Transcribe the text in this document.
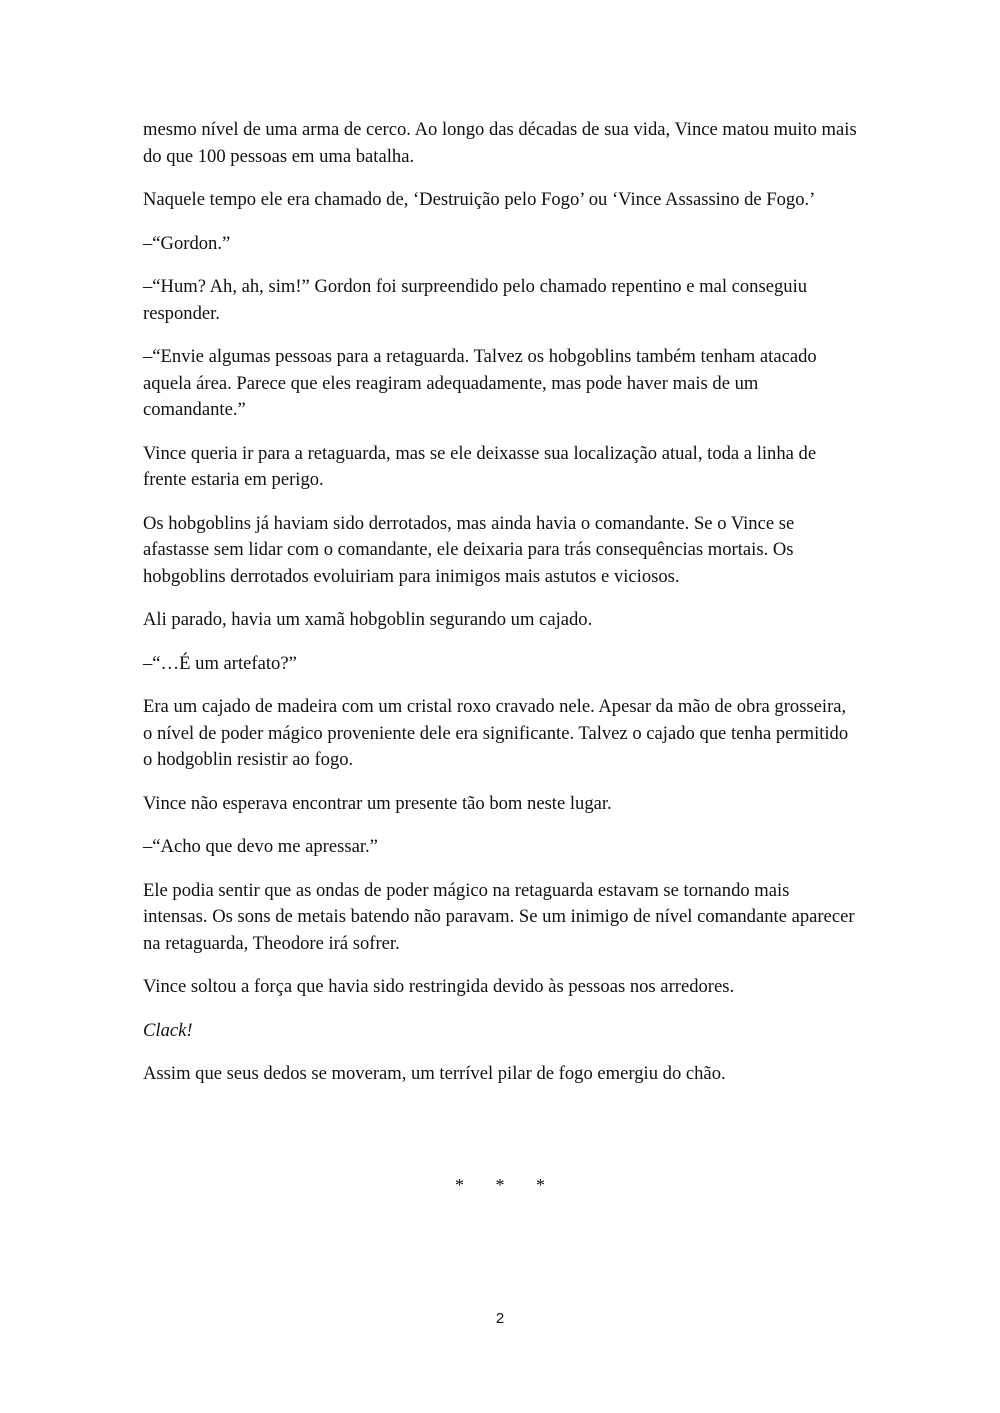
mesmo nível de uma arma de cerco. Ao longo das décadas de sua vida, Vince matou muito mais do que 100 pessoas em uma batalha.

Naquele tempo ele era chamado de, ‘Destruição pelo Fogo’ ou ‘Vince Assassino de Fogo.’

–“Gordon.”

–“Hum? Ah, ah, sim!” Gordon foi surpreendido pelo chamado repentino e mal conseguiu responder.

–“Envie algumas pessoas para a retaguarda. Talvez os hobgoblins também tenham atacado aquela área. Parece que eles reagiram adequadamente, mas pode haver mais de um comandante.”

Vince queria ir para a retaguarda, mas se ele deixasse sua localização atual, toda a linha de frente estaria em perigo.

Os hobgoblins já haviam sido derrotados, mas ainda havia o comandante. Se o Vince se afastasse sem lidar com o comandante, ele deixaria para trás consequências mortais. Os hobgoblins derrotados evoluiriam para inimigos mais astutos e viciosos.

Ali parado, havia um xamã hobgoblin segurando um cajado.

–“…É um artefato?”

Era um cajado de madeira com um cristal roxo cravado nele. Apesar da mão de obra grosseira, o nível de poder mágico proveniente dele era significante. Talvez o cajado que tenha permitido o hodgoblin resistir ao fogo.

Vince não esperava encontrar um presente tão bom neste lugar.

–“Acho que devo me apressar.”

Ele podia sentir que as ondas de poder mágico na retaguarda estavam se tornando mais intensas. Os sons de metais batendo não paravam. Se um inimigo de nível comandante aparecer na retaguarda, Theodore irá sofrer.

Vince soltou a força que havia sido restringida devido às pessoas nos arredores.

Clack!

Assim que seus dedos se moveram, um terrível pilar de fogo emergiu do chão.

* * *
2
